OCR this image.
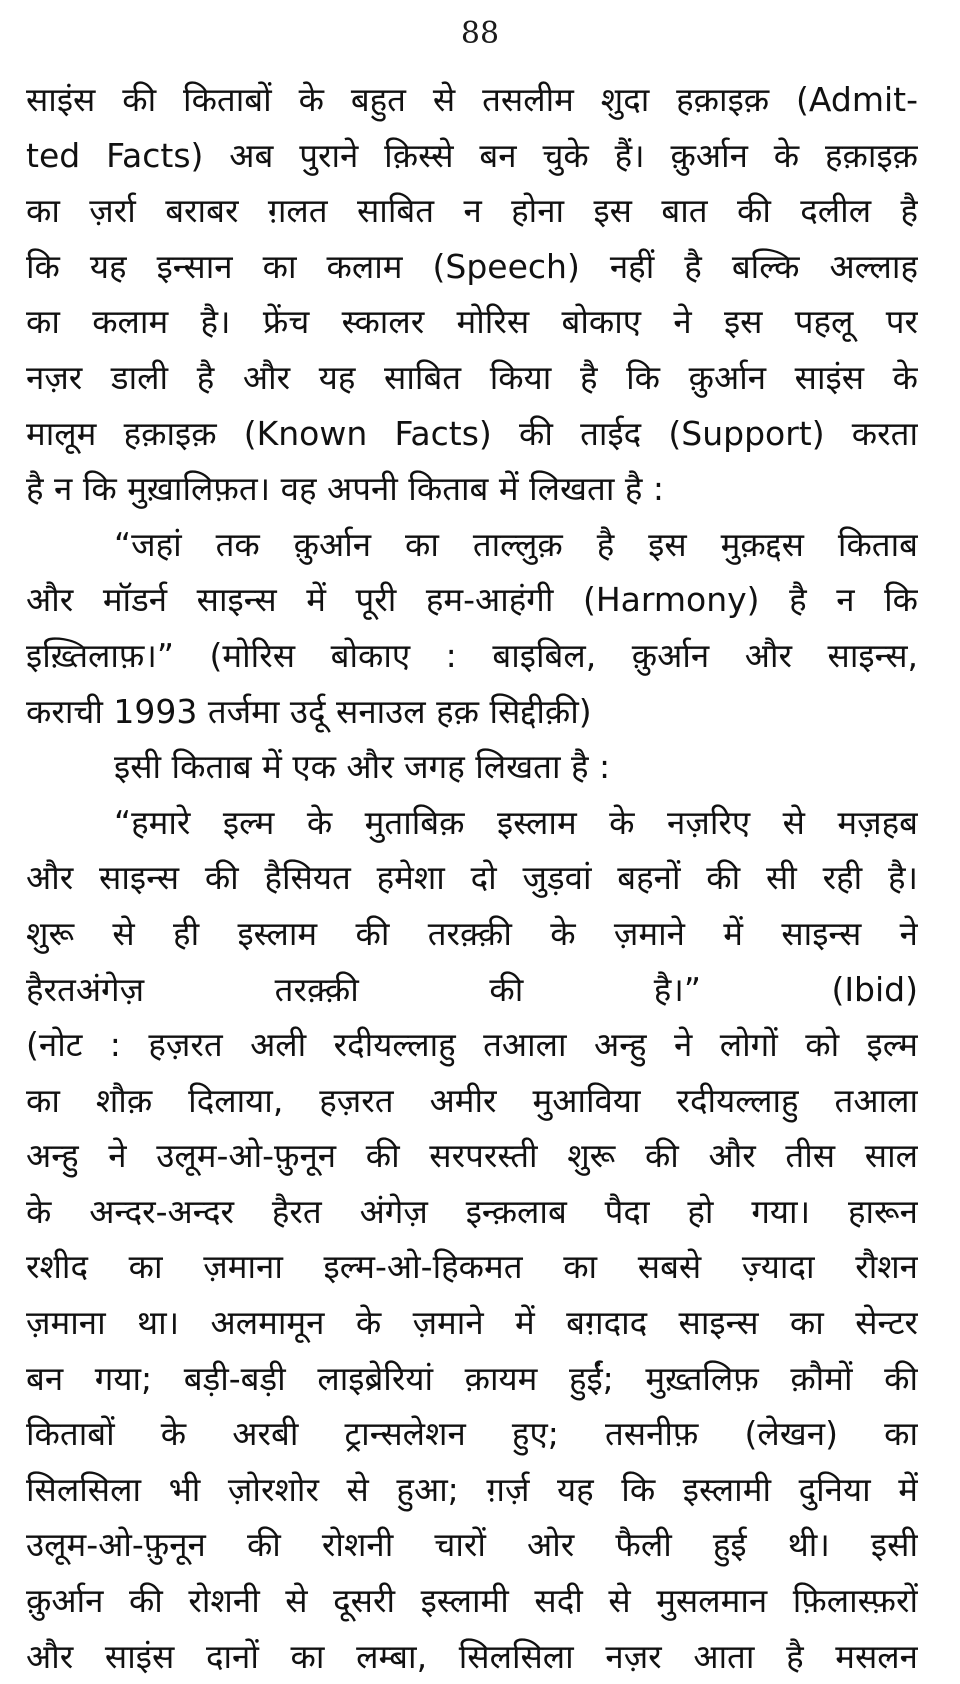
88
साइंस की किताबों के बहुत से तसलीम शुदा हक़ाइक़ (Admit-
ted Facts) अब पुराने क़िस्से बन चुके हैं। क़ुर्आन के हक़ाइक़
का ज़र्रा बराबर ग़लत साबित न होना इस बात की दलील है
कि यह इन्सान का कलाम (Speech) नहीं है बल्कि अल्लाह
का कलाम है। फ्रेंच स्कालर मोरिस बोकाए ने इस पहलू पर
नज़र डाली है और यह साबित किया है कि क़ुर्आन साइंस के
मालूम हक़ाइक़ (Known Facts) की ताईद (Support) करता
है न कि मुख़ालिफ़त। वह अपनी किताब में लिखता है :
“जहां तक क़ुर्आन का ताल्लुक़ है इस मुक़द्दस किताब
और मॉडर्न साइन्स में पूरी हम-आहंगी (Harmony) है न कि
इख़्तिलाफ़।” (मोरिस बोकाए : बाइबिल, क़ुर्आन और साइन्स,
कराची 1993 तर्जमा उर्दू सनाउल हक़ सिद्दीक़ी)
इसी किताब में एक और जगह लिखता है :
“हमारे इल्म के मुताबिक़ इस्लाम के नज़रिए से मज़हब
और साइन्स की हैसियत हमेशा दो जुड़वां बहनों की सी रही है।
शुरू से ही इस्लाम की तरक़्क़ी के ज़माने में साइन्स ने
हैरतअंगेज़ तरक़्क़ी की है।” (Ibid)
(नोट : हज़रत अली रदीयल्लाहु तआला अन्हु ने लोगों को इल्म
का शौक़ दिलाया, हज़रत अमीर मुआविया रदीयल्लाहु तआला
अन्हु ने उलूम-ओ-फ़ुनून की सरपरस्ती शुरू की और तीस साल
के अन्दर-अन्दर हैरत अंगेज़ इन्क़लाब पैदा हो गया। हारून
रशीद का ज़माना इल्म-ओ-हिकमत का सबसे ज़्यादा रौशन
ज़माना था। अलमामून के ज़माने में बग़दाद साइन्स का सेन्टर
बन गया; बड़ी-बड़ी लाइब्रेरियां क़ायम हुईं; मुख़्तलिफ़ क़ौमों की
किताबों के अरबी ट्रान्सलेशन हुए; तसनीफ़ (लेखन) का
सिलसिला भी ज़ोरशोर से हुआ; ग़र्ज़ यह कि इस्लामी दुनिया में
उलूम-ओ-फ़ुनून की रोशनी चारों ओर फैली हुई थी। इसी
क़ुर्आन की रोशनी से दूसरी इस्लामी सदी से मुसलमान फ़िलास्फ़रों
और साइंस दानों का लम्बा, सिलसिला नज़र आता है मसलन
